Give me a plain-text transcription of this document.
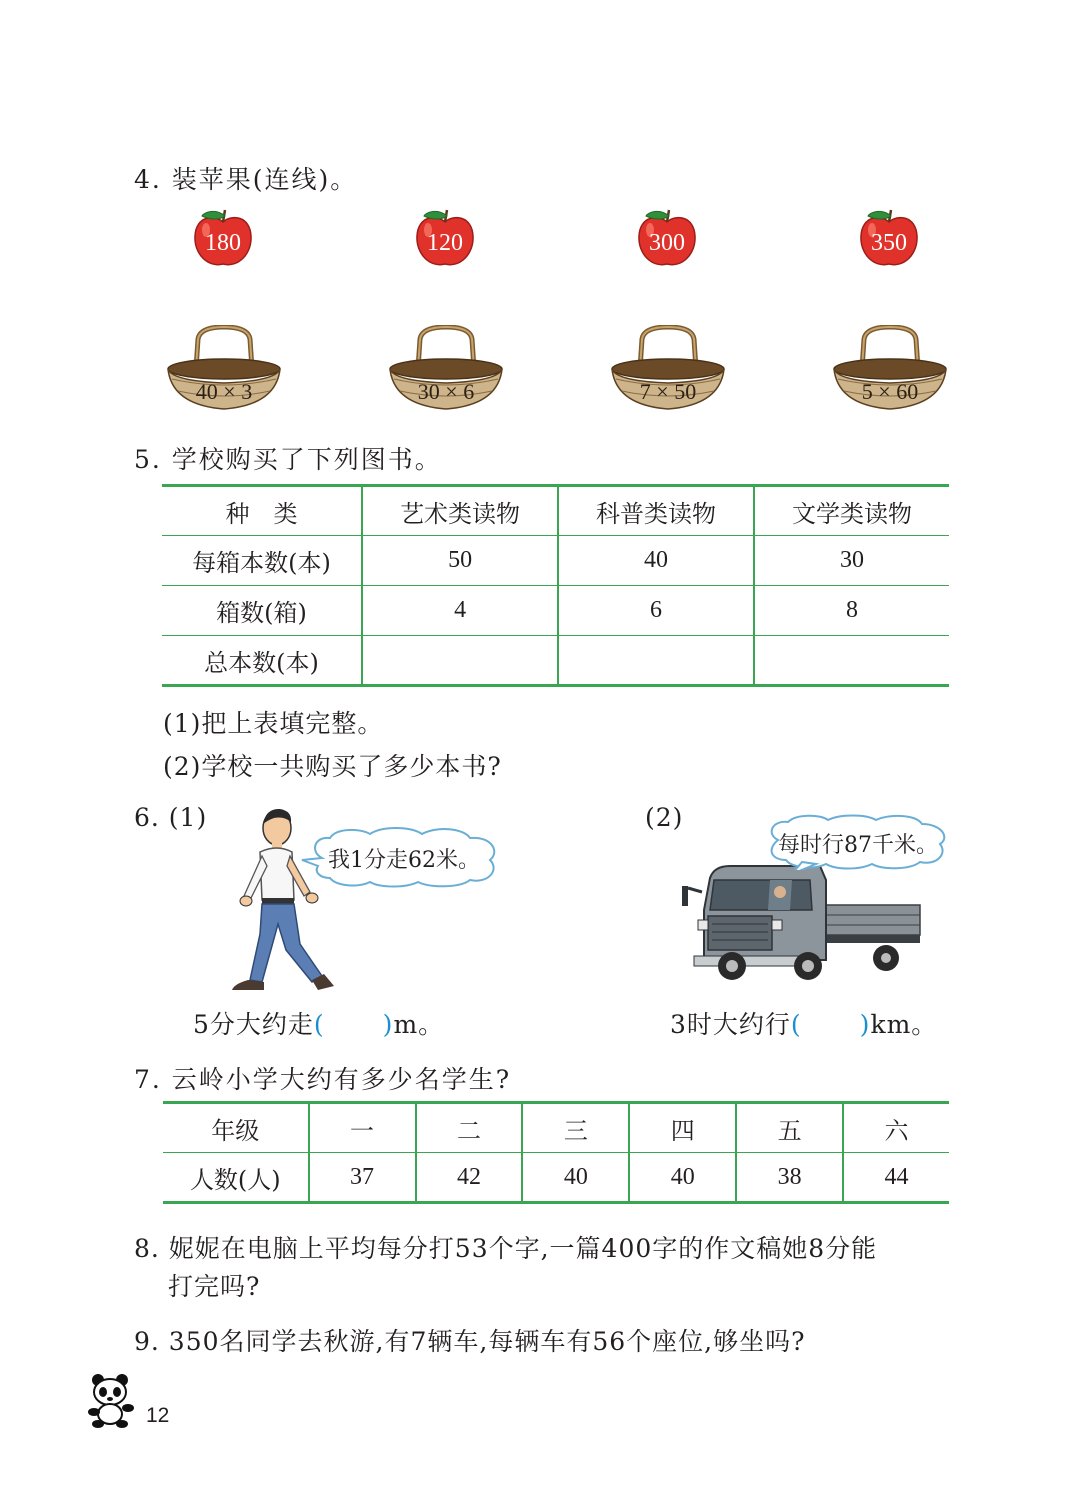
4. 装苹果(连线)。
180	120	300	350
40 × 3	30 × 6	7 × 50	5 × 60
5. 学校购买了下列图书。
种　类	艺术类读物	科普类读物	文学类读物
每箱本数(本)	50	40	30
箱数(箱)	4	6	8
总本数(本)			
(1)把上表填完整。
(2)学校一共购买了多少本书?
6. (1)	(2)
我1分走62米。
每时行87千米。
5分大约走( )m。	3时大约行( )km。
7. 云岭小学大约有多少名学生?
年级	一	二	三	四	五	六
人数(人)	37	42	40	40	38	44
8. 妮妮在电脑上平均每分打53个字,一篇400字的作文稿她8分能
打完吗?
9. 350名同学去秋游,有7辆车,每辆车有56个座位,够坐吗?
12
